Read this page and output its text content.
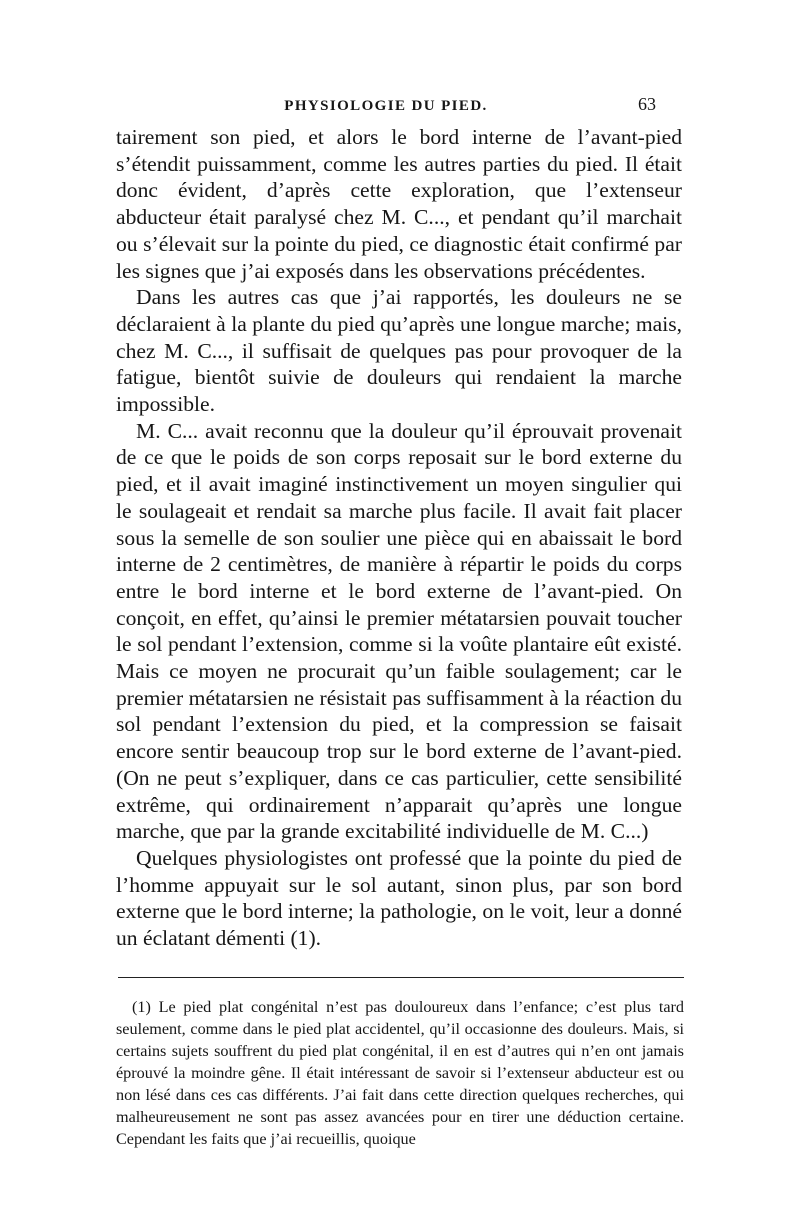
PHYSIOLOGIE DU PIED.	63

tairement son pied, et alors le bord interne de l’avant-pied s’étendit puissamment, comme les autres parties du pied. Il était donc évident, d’après cette exploration, que l’extenseur abducteur était paralysé chez M. C..., et pendant qu’il marchait ou s’élevait sur la pointe du pied, ce diagnostic était confirmé par les signes que j’ai exposés dans les observations précédentes.

Dans les autres cas que j’ai rapportés, les douleurs ne se déclaraient à la plante du pied qu’après une longue marche; mais, chez M. C..., il suffisait de quelques pas pour provoquer de la fatigue, bientôt suivie de douleurs qui rendaient la marche impossible.

M. C... avait reconnu que la douleur qu’il éprouvait provenait de ce que le poids de son corps reposait sur le bord externe du pied, et il avait imaginé instinctivement un moyen singulier qui le soulageait et rendait sa marche plus facile. Il avait fait placer sous la semelle de son soulier une pièce qui en abaissait le bord interne de 2 centimètres, de manière à répartir le poids du corps entre le bord interne et le bord externe de l’avant-pied. On conçoit, en effet, qu’ainsi le premier métatarsien pouvait toucher le sol pendant l’extension, comme si la voûte plantaire eût existé. Mais ce moyen ne procurait qu’un faible soulagement; car le premier métatarsien ne résistait pas suffisamment à la réaction du sol pendant l’extension du pied, et la compression se faisait encore sentir beaucoup trop sur le bord externe de l’avant-pied. (On ne peut s’expliquer, dans ce cas particulier, cette sensibilité extrême, qui ordinairement n’apparait qu’après une longue marche, que par la grande excitabilité individuelle de M. C...)

Quelques physiologistes ont professé que la pointe du pied de l’homme appuyait sur le sol autant, sinon plus, par son bord externe que le bord interne; la pathologie, on le voit, leur a donné un éclatant démenti (1).

(1) Le pied plat congénital n’est pas douloureux dans l’enfance; c’est plus tard seulement, comme dans le pied plat accidentel, qu’il occasionne des douleurs. Mais, si certains sujets souffrent du pied plat congénital, il en est d’autres qui n’en ont jamais éprouvé la moindre gêne. Il était intéressant de savoir si l’extenseur abducteur est ou non lésé dans ces cas différents. J’ai fait dans cette direction quelques recherches, qui malheureusement ne sont pas assez avancées pour en tirer une déduction certaine. Cependant les faits que j’ai recueillis, quoique
